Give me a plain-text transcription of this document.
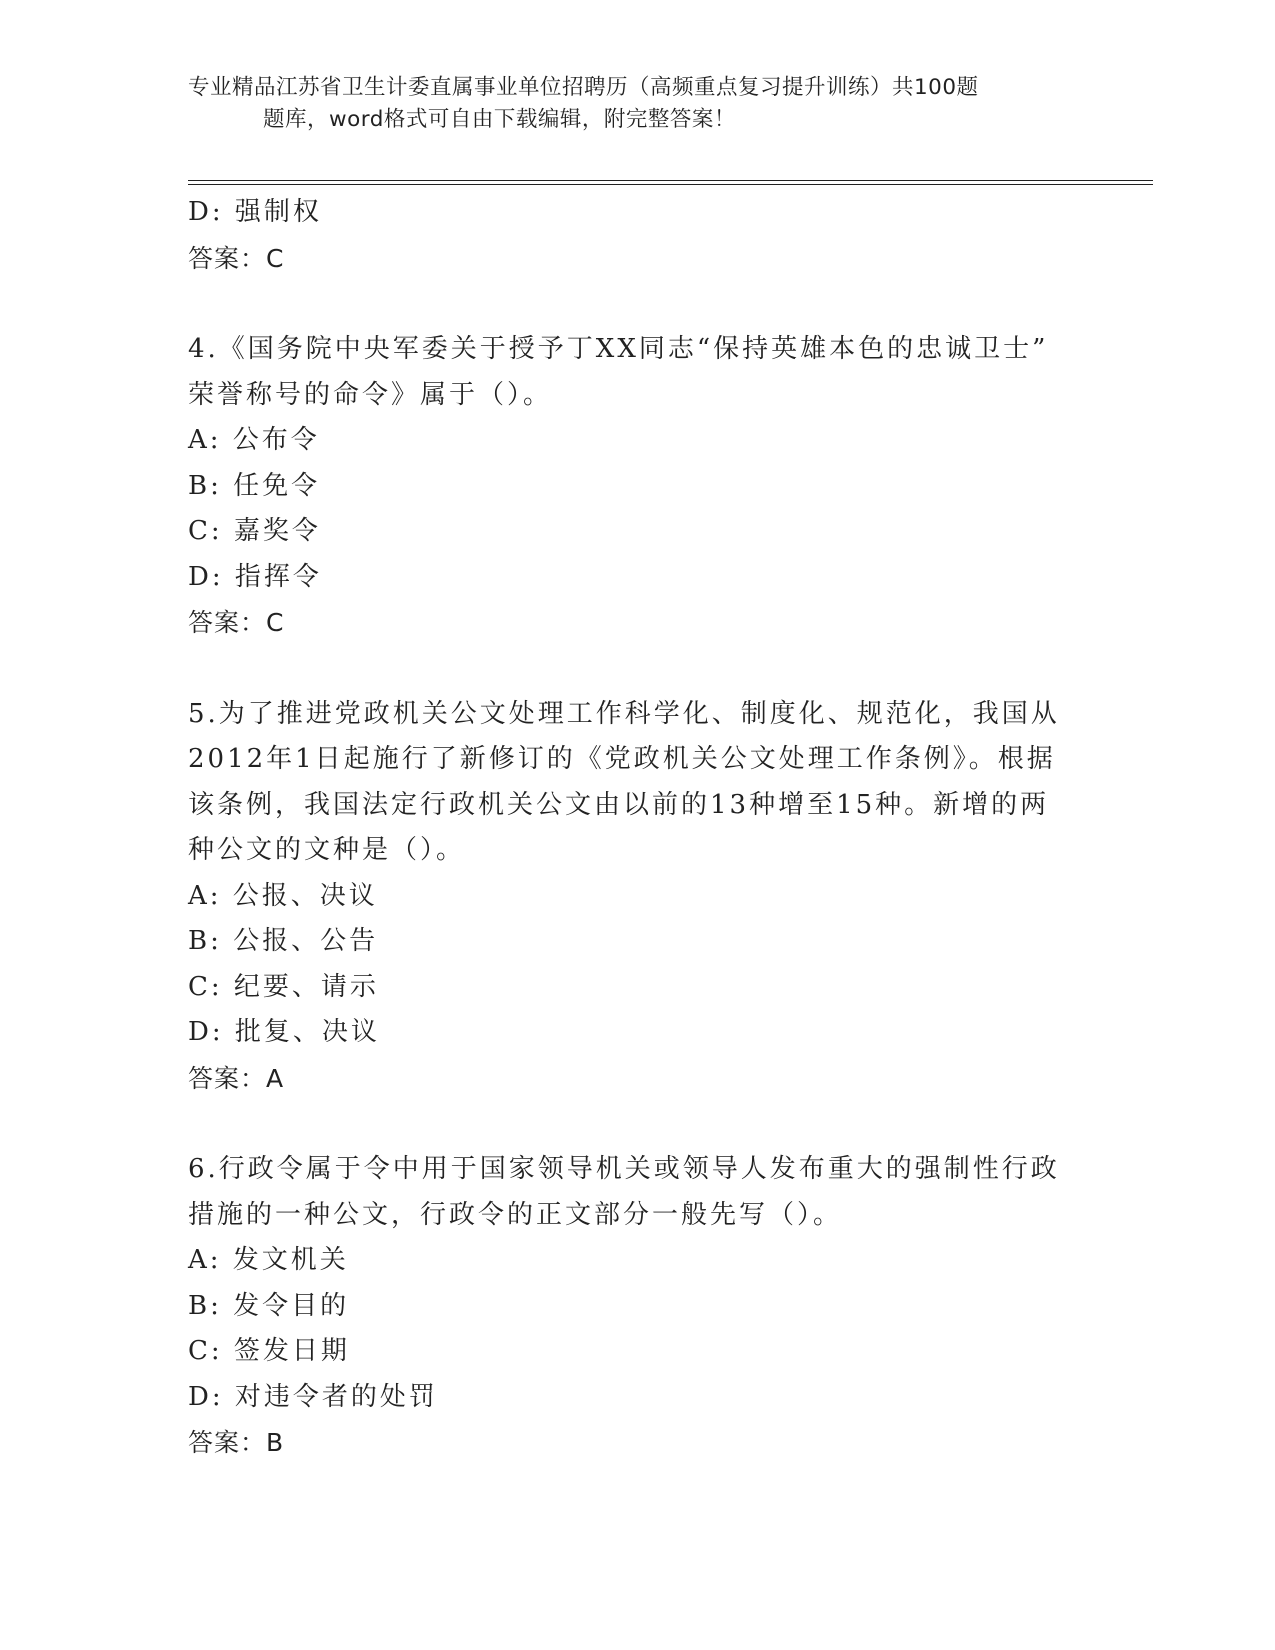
专业精品江苏省卫生计委直属事业单位招聘历（高频重点复习提升训练）共100题
题库，word格式可自由下载编辑，附完整答案！
D: 强制权
答案：C
4.《国务院中央军委关于授予丁XX同志“保持英雄本色的忠诚卫士”
荣誉称号的命令》属于（）。
A: 公布令
B: 任免令
C: 嘉奖令
D: 指挥令
答案：C
5.为了推进党政机关公文处理工作科学化、制度化、规范化，我国从
2012年1日起施行了新修订的《党政机关公文处理工作条例》。根据
该条例，我国法定行政机关公文由以前的13种增至15种。新增的两
种公文的文种是（）。
A: 公报、决议
B: 公报、公告
C: 纪要、请示
D: 批复、决议
答案：A
6.行政令属于令中用于国家领导机关或领导人发布重大的强制性行政
措施的一种公文，行政令的正文部分一般先写（）。
A: 发文机关
B: 发令目的
C: 签发日期
D: 对违令者的处罚
答案：B
